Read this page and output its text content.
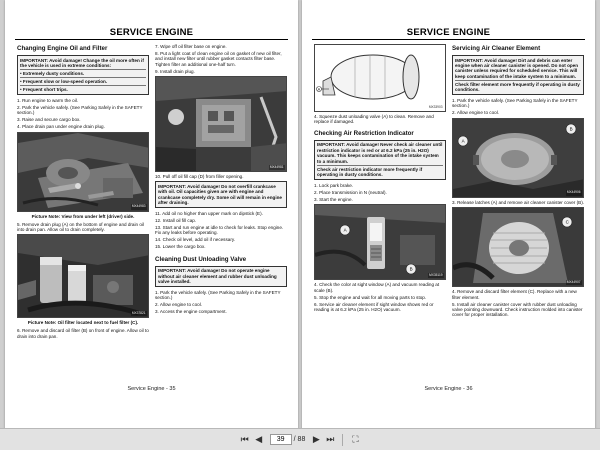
SERVICE ENGINE
Changing Engine Oil and Filter
IMPORTANT: Avoid damage! Change the oil more often if the vehicle is used in extreme conditions:
• Extremely dusty conditions.
• Frequent slow or low-speed operation.
• Frequent short trips.
1. Run engine to warm the oil.
2. Park the vehicle safely. (See Parking Safely in the SAFETY section.)
3. Raise and secure cargo box.
4. Place drain pan under engine drain plug.
MX44983
Picture Note: View from under left (driver) side.
5. Remove drain plug (A) on the bottom of engine and drain oil into drain pan. Allow oil to drain completely.
MX37821
Picture Note: Oil filter located next to fuel filter (C).
6. Remove and discard oil filter (B) on front of engine. Allow oil to drain into drain pan.
7. Wipe off oil filter base on engine.
8. Put a light coat of clean engine oil on gasket of new oil filter, and install new filter until rubber gasket contacts filter base. Tighten filter an additional one-half turn.
9. Install drain plug.
MX44981
10. Pull off oil fill cap (D) from filler opening.
IMPORTANT: Avoid damage! Do not overfill crankcase with oil. Oil capacities given are with engine and crankcase completely dry. Some oil will remain in engine after draining.
11. Add oil no higher than upper mark on dipstick (E).
12. Install oil fill cap.
13. Start and run engine at idle to check for leaks. Stop engine. Fix any leaks before operating.
14. Check oil level, add oil if necessary.
15. Lower the cargo box.
Cleaning Dust Unloading Valve
IMPORTANT: Avoid damage! Do not operate engine without air cleaner element and rubber dust unloading valve installed.
1. Park the vehicle safely. (See Parking Safely in the SAFETY section.)
2. Allow engine to cool.
3. Access the engine compartment.
Service Engine - 35
SERVICE ENGINE
A
MX33903
4. Squeeze dust unloading valve (A) to clean. Remove and replace if damaged.
Checking Air Restriction Indicator
IMPORTANT: Avoid damage! Never check air cleaner until restriction indicator is red or at 6.2 kPa (25 in. H2O) vacuum. This keeps contamination of the intake system to a minimum.
Check air restriction indicator more frequently if operating in dusty conditions.
1. Lock park brake.
2. Place transmission in N (neutral).
3. Start the engine.
A
B
MX35119
4. Check the color at sight window (A) and vacuum reading at scale (B).
5. Stop the engine and wait for all moving parts to stop.
6. Service air cleaner element if sight window shows red or reading is at 6.2 kPa (25 in. H2O) vacuum.
Servicing Air Cleaner Element
IMPORTANT: Avoid damage! Dirt and debris can enter engine when air cleaner canister is opened. Do not open canister unless required for scheduled service. This will keep contamination of the intake system to a minimum.
Check filter element more frequently if operating in dusty conditions.
1. Park the vehicle safely. (See Parking Safely in the SAFETY section.)
2. Allow engine to cool.
B
A
MX44906
3. Release latches (A) and remove air cleaner canister cover (B).
C
MX44907
4. Remove and discard filter element (C). Replace with a new filter element.
5. Install air cleaner canister cover with rubber dust unloading valve pointing downward. Check instruction molded into canister cover for proper installation.
Service Engine - 36
⏮ ◀
39	/ 88 ▶ ⏭ ⛶
